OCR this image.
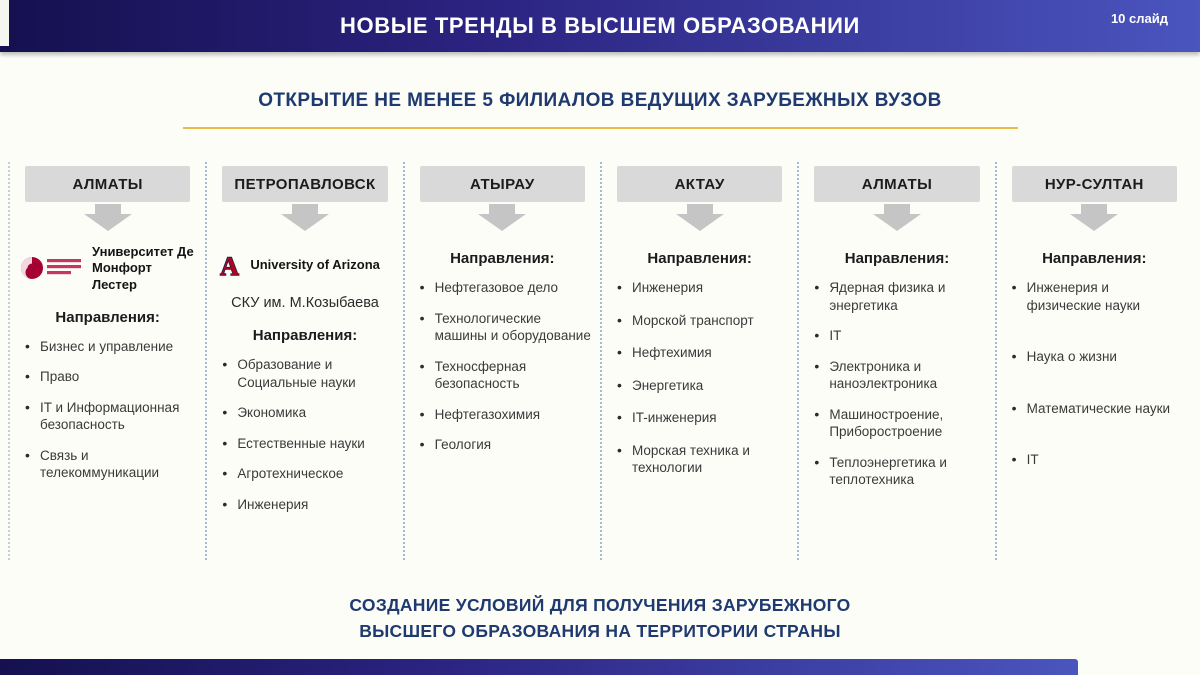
НОВЫЕ ТРЕНДЫ В ВЫСШЕМ ОБРАЗОВАНИИ	10 слайд
ОТКРЫТИЕ НЕ МЕНЕЕ 5 ФИЛИАЛОВ ВЕДУЩИХ ЗАРУБЕЖНЫХ ВУЗОВ
АЛМАТЫ
Университет Де Монфорт Лестер
Направления:
• Бизнес и управление
• Право
• IT и Информационная безопасность
• Связь и телекоммуникации
ПЕТРОПАВЛОВСК
A University of Arizona
СКУ им. М.Козыбаева
Направления:
• Образование и Социальные науки
• Экономика
• Естественные науки
• Агротехническое
• Инженерия
АТЫРАУ
Направления:
• Нефтегазовое дело
• Технологические машины и оборудование
• Техносферная безопасность
• Нефтегазохимия
• Геология
АКТАУ
Направления:
• Инженерия
• Морской транспорт
• Нефтехимия
• Энергетика
• IT-инженерия
• Морская техника и технологии
АЛМАТЫ
Направления:
• Ядерная физика и энергетика
• IT
• Электроника и наноэлектроника
• Машиностроение, Приборостроение
• Теплоэнергетика и теплотехника
НУР-СУЛТАН
Направления:
• Инженерия и физические науки
• Наука о жизни
• Математические науки
• IT
СОЗДАНИЕ УСЛОВИЙ ДЛЯ ПОЛУЧЕНИЯ ЗАРУБЕЖНОГО
ВЫСШЕГО ОБРАЗОВАНИЯ НА ТЕРРИТОРИИ СТРАНЫ
